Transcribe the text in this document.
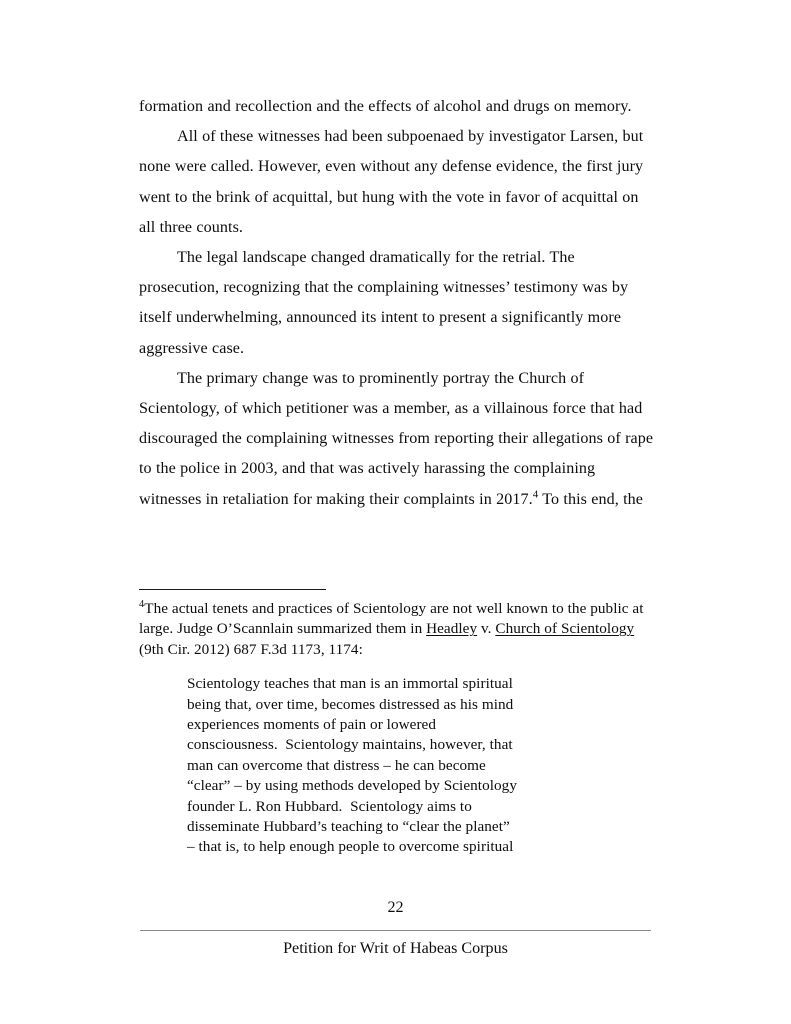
formation and recollection and the effects of alcohol and drugs on memory.

All of these witnesses had been subpoenaed by investigator Larsen, but none were called. However, even without any defense evidence, the first jury went to the brink of acquittal, but hung with the vote in favor of acquittal on all three counts.

The legal landscape changed dramatically for the retrial. The prosecution, recognizing that the complaining witnesses’ testimony was by itself underwhelming, announced its intent to present a significantly more aggressive case.

The primary change was to prominently portray the Church of Scientology, of which petitioner was a member, as a villainous force that had discouraged the complaining witnesses from reporting their allegations of rape to the police in 2003, and that was actively harassing the complaining witnesses in retaliation for making their complaints in 2017.$^4$ To this end, the

$^4$The actual tenets and practices of Scientology are not well known to the public at large. Judge O’Scannlain summarized them in Headley v. Church of Scientology (9th Cir. 2012) 687 F.3d 1173, 1174:

Scientology teaches that man is an immortal spiritual
being that, over time, becomes distressed as his mind
experiences moments of pain or lowered
consciousness.  Scientology maintains, however, that
man can overcome that distress – he can become
“clear” – by using methods developed by Scientology
founder L. Ron Hubbard.  Scientology aims to
disseminate Hubbard’s teaching to “clear the planet”
– that is, to help enough people to overcome spiritual
22
Petition for Writ of Habeas Corpus
